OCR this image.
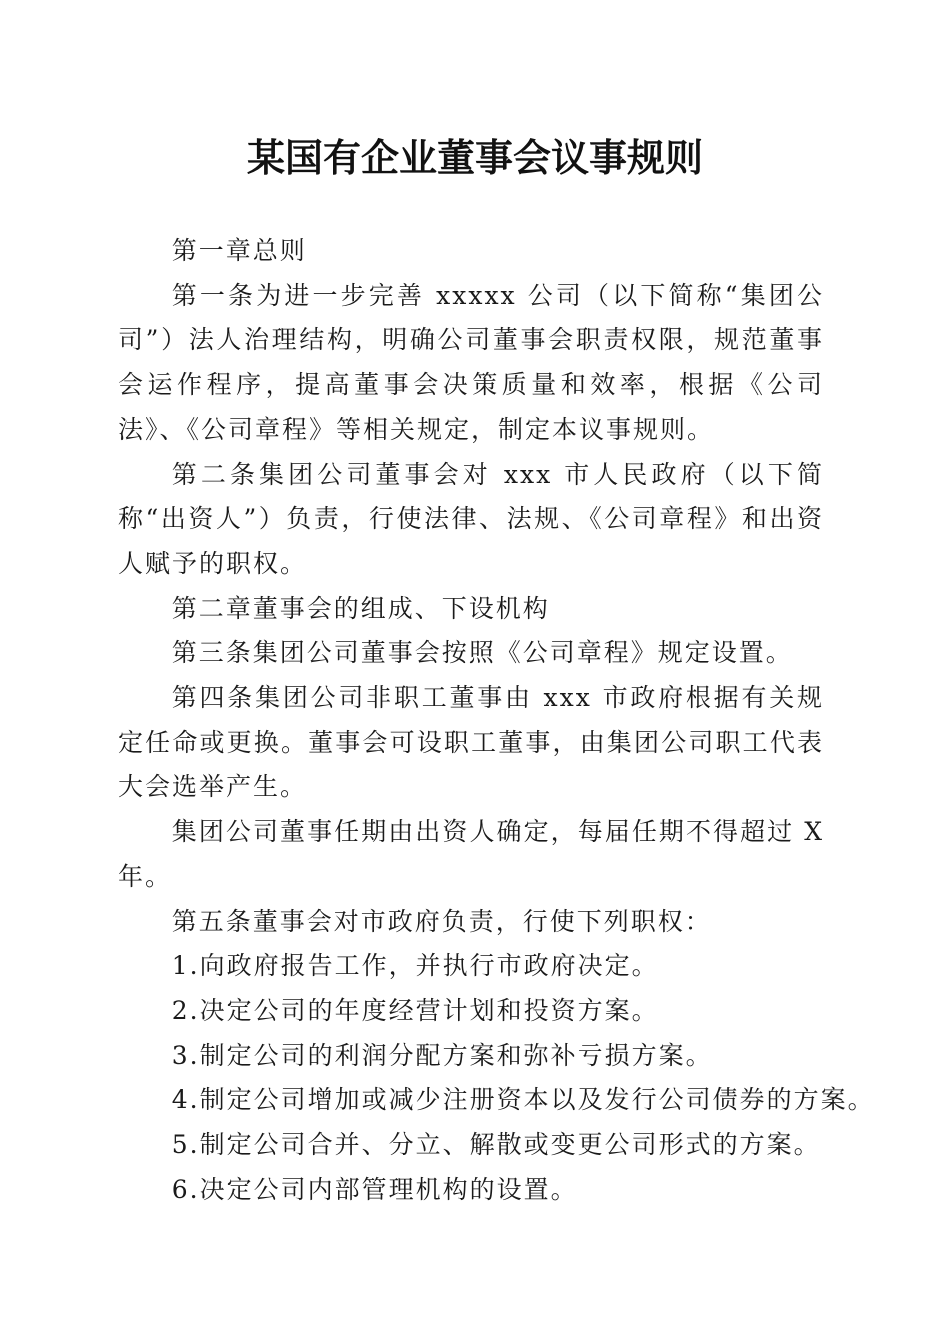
某国有企业董事会议事规则

第一章总则

第一条为进一步完善 xxxxx 公司（以下简称“集团公司”）法人治理结构，明确公司董事会职责权限，规范董事会运作程序，提高董事会决策质量和效率，根据《公司法》、《公司章程》等相关规定，制定本议事规则。

第二条集团公司董事会对 xxx 市人民政府（以下简称“出资人”）负责，行使法律、法规、《公司章程》和出资人赋予的职权。

第二章董事会的组成、下设机构

第三条集团公司董事会按照《公司章程》规定设置。

第四条集团公司非职工董事由 xxx 市政府根据有关规定任命或更换。董事会可设职工董事，由集团公司职工代表大会选举产生。

集团公司董事任期由出资人确定，每届任期不得超过 X 年。

第五条董事会对市政府负责，行使下列职权：

1.向政府报告工作，并执行市政府决定。

2.决定公司的年度经营计划和投资方案。

3.制定公司的利润分配方案和弥补亏损方案。

4.制定公司增加或减少注册资本以及发行公司债券的方案。

5.制定公司合并、分立、解散或变更公司形式的方案。

6.决定公司内部管理机构的设置。
